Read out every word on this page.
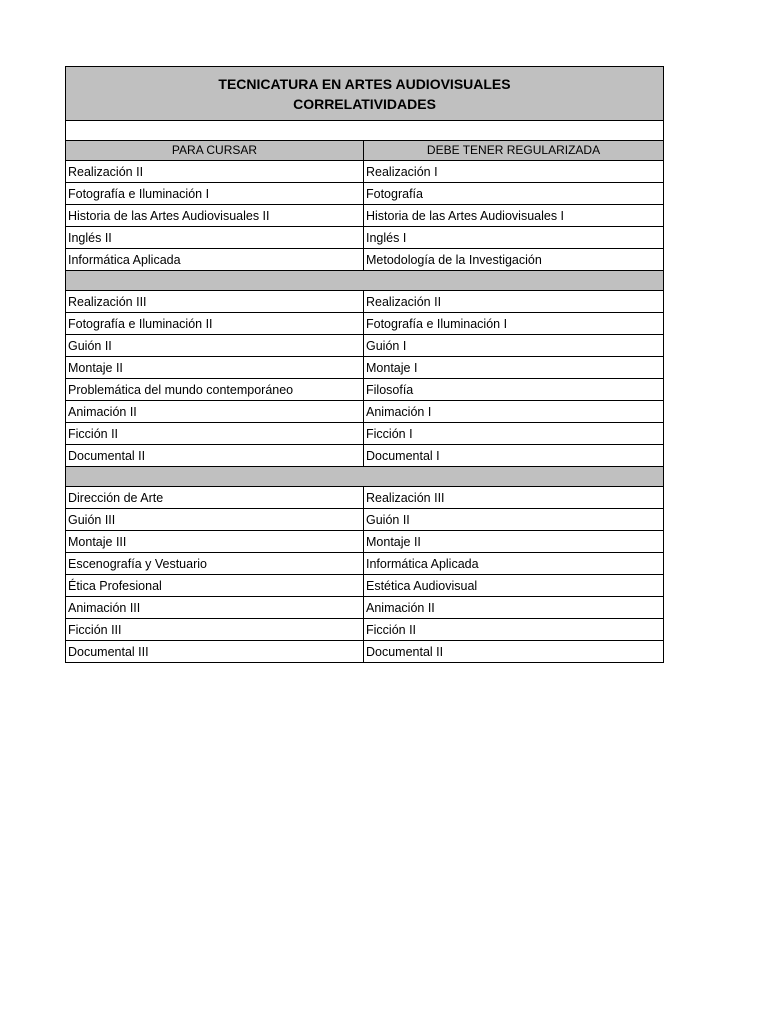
TECNICATURA EN ARTES AUDIOVISUALES
CORRELATIVIDADES	

PARA CURSAR	DEBE TENER REGULARIZADA
Realización II	Realización I
Fotografía e Iluminación I	Fotografía
Historia de las Artes Audiovisuales II	Historia de las Artes Audiovisuales I
Inglés II	Inglés I
Informática Aplicada	Metodología de la Investigación

Realización III	Realización II
Fotografía e Iluminación II	Fotografía e Iluminación I
Guión II	Guión I
Montaje II	Montaje I
Problemática del mundo contemporáneo	Filosofía
Animación II	Animación I
Ficción II	Ficción I
Documental II	Documental I

Dirección de Arte	Realización III
Guión III	Guión II
Montaje III	Montaje II
Escenografía y Vestuario	Informática Aplicada
Ética Profesional	Estética Audiovisual
Animación III	Animación II
Ficción III	Ficción II
Documental III	Documental II
